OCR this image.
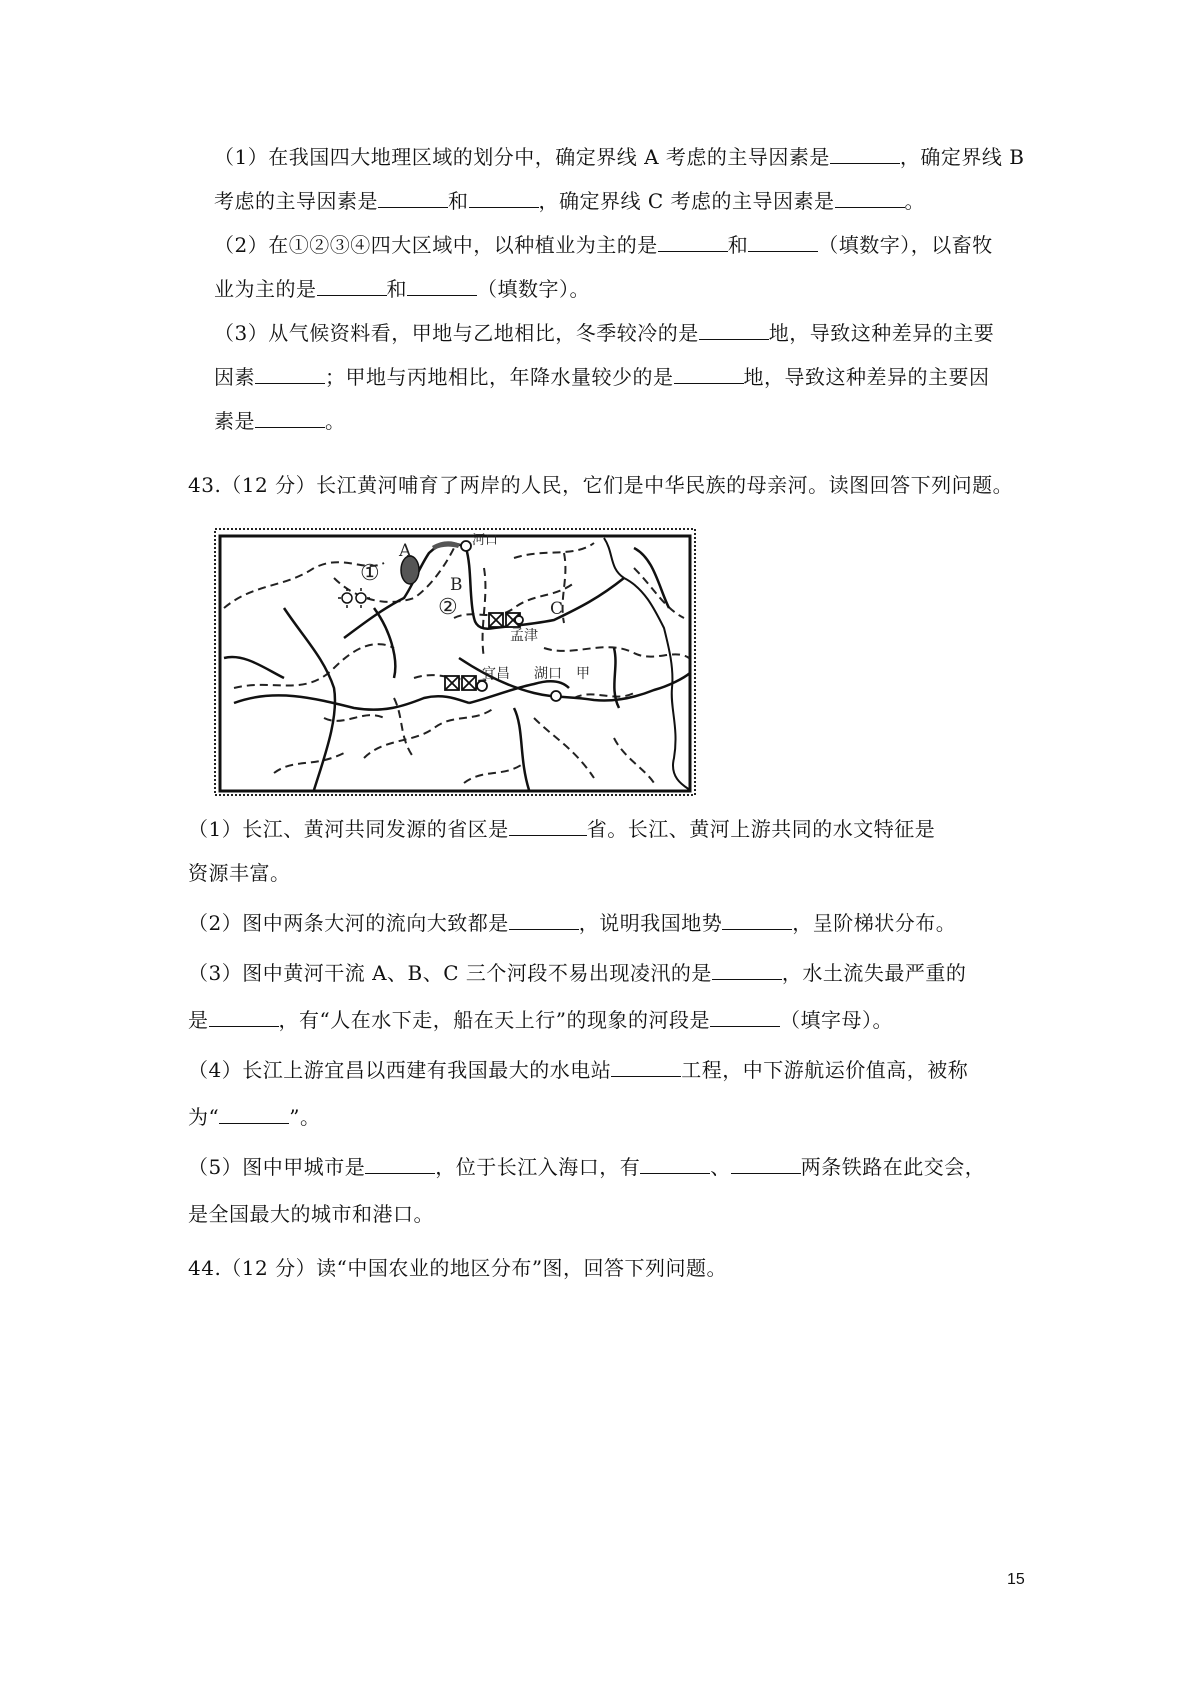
（1）在我国四大地理区域的划分中，确定界线 A 考虑的主导因素是	，确定界线 B
考虑的主导因素是	和	，确定界线 C 考虑的主导因素是	。
（2）在①②③④四大区域中，以种植业为主的是	和	（填数字），以畜牧
业为主的是	和	（填数字）。
（3）从气候资料看，甲地与乙地相比，冬季较冷的是	地，导致这种差异的主要
因素	；甲地与丙地相比，年降水量较少的是	地，导致这种差异的主要因
素是	。
43.（12 分）长江黄河哺育了两岸的人民，它们是中华民族的母亲河。读图回答下列问题。
A
B
C
①
②
河口
孟津
宜昌 湖口 甲
（1）长江、黄河共同发源的省区是	省。长江、黄河上游共同的水文特征是
资源丰富。
（2）图中两条大河的流向大致都是	，说明我国地势	，呈阶梯状分布。
（3）图中黄河干流 A、B、C 三个河段不易出现凌汛的是	，水土流失最严重的
是	，有“人在水下走，船在天上行”的现象的河段是	（填字母）。
（4）长江上游宜昌以西建有我国最大的水电站	工程，中下游航运价值高，被称
为“	”。
（5）图中甲城市是	，位于长江入海口，有	、	两条铁路在此交会，
是全国最大的城市和港口。
44.（12 分）读“中国农业的地区分布”图，回答下列问题。
15
